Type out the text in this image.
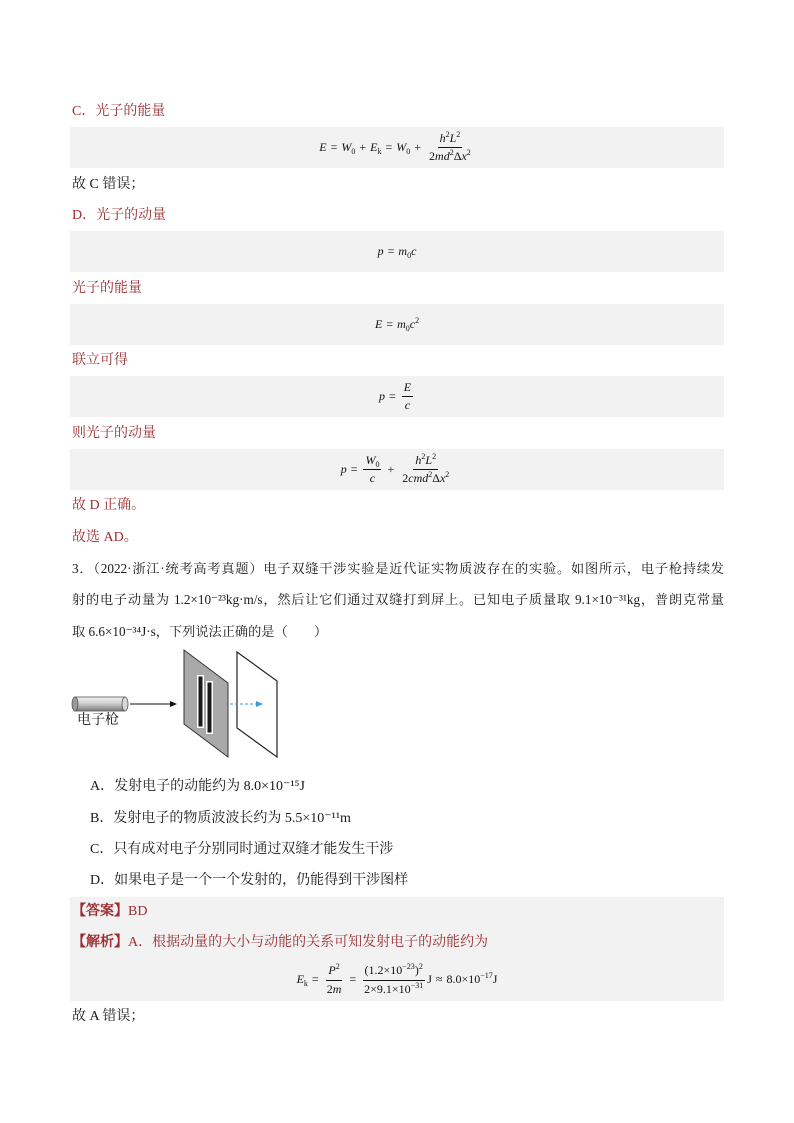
C．光子的能量
$E = W_0 + E_k = W_0 + \frac{h^2 L^2}{2 m d^2 \Delta x^2}$
故 C 错误；
D．光子的动量
$p = m_0$ c
光子的能量
$E = m_0$ $c^2$
联立可得
$p = \frac{E}{c}$
则光子的动量
$p = \frac{W_0}{c} + \frac{h^2 L^2}{2 c m d^2 \Delta x^2}$
故 D 正确。
故选 AD。
3．（2022·浙江·统考高考真题）电子双缝干涉实验是近代证实物质波存在的实验。如图所示，电子枪持续发
射的电子动量为 1.2×10⁻²³kg·m/s，然后让它们通过双缝打到屏上。已知电子质量取 9.1×10⁻³¹kg，普朗克常量
取 6.6×10⁻³⁴J·s，下列说法正确的是（　　）
电子枪
A．发射电子的动能约为 8.0×10⁻¹⁵J
B．发射电子的物质波波长约为 5.5×10⁻¹¹m
C．只有成对电子分别同时通过双缝才能发生干涉
D．如果电子是一个一个发射的，仍能得到干涉图样
【答案】BD
【解析】A．根据动量的大小与动能的关系可知发射电子的动能约为
$E_k = \frac{P^2}{2 m} = \frac{(1.2\times 10^{-23} )^2}{2\times 9.1\times 10^{-31}}$ $J \approx 8.0\times 10^{-17}$ J
故 A 错误；
